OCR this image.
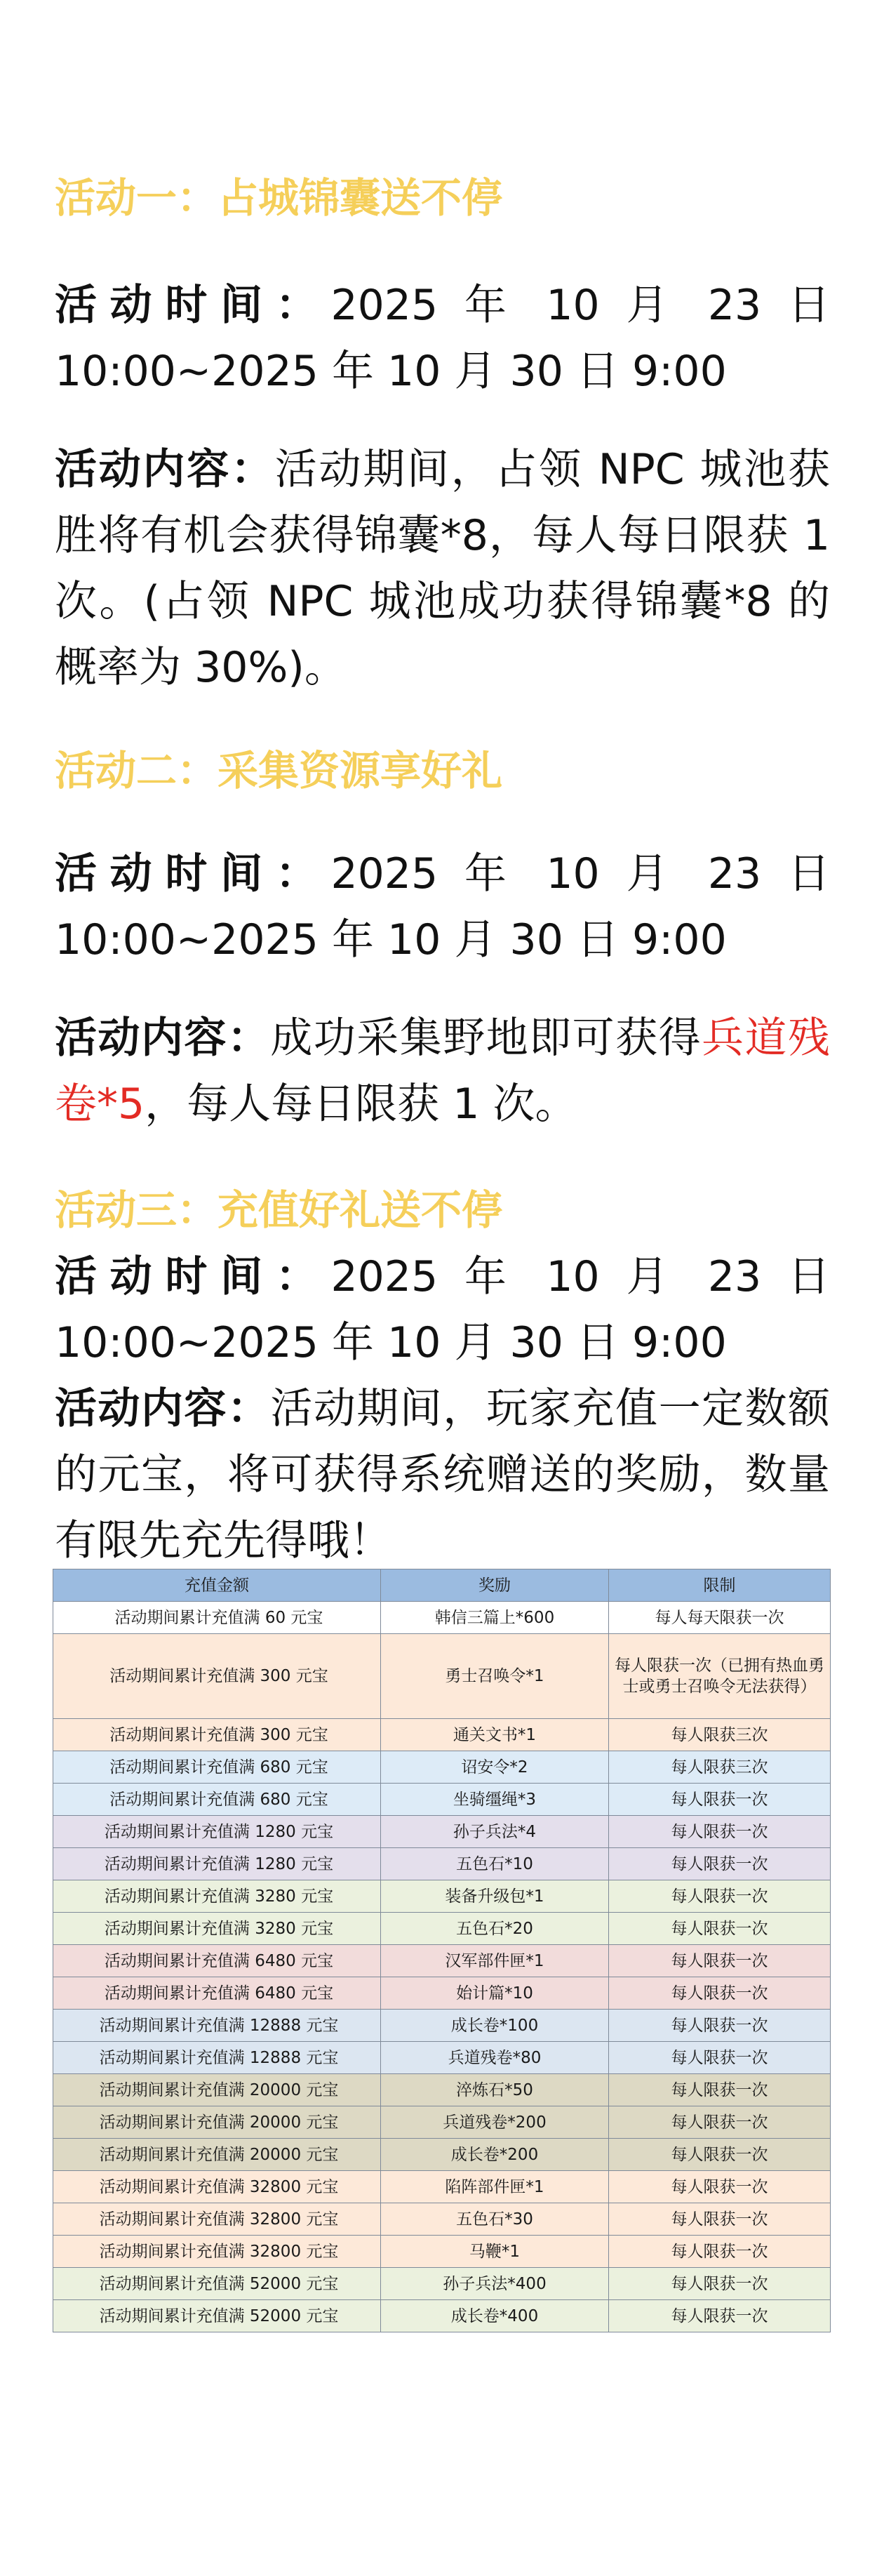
活动一：占城锦囊送不停

活动时间：2025 年 10 月 23 日

10:00~2025 年 10 月 30 日 9:00

活动内容：活动期间，占领 NPC 城池获胜将有机会获得锦囊*8，每人每日限获 1 次。(占领 NPC 城池成功获得锦囊*8 的概率为 30%)。

活动二：采集资源享好礼

活动时间：2025 年 10 月 23 日

10:00~2025 年 10 月 30 日 9:00

活动内容：成功采集野地即可获得兵道残卷*5，每人每日限获 1 次。

活动三：充值好礼送不停

活动时间：2025 年 10 月 23 日

10:00~2025 年 10 月 30 日 9:00

活动内容：活动期间，玩家充值一定数额的元宝，将可获得系统赠送的奖励，数量有限先充先得哦！

充值金额	奖励	限制
活动期间累计充值满 60 元宝	韩信三篇上*600	每人每天限获一次
活动期间累计充值满 300 元宝	勇士召唤令*1	每人限获一次（已拥有热血勇士或勇士召唤令无法获得）
活动期间累计充值满 300 元宝	通关文书*1	每人限获三次
活动期间累计充值满 680 元宝	诏安令*2	每人限获三次
活动期间累计充值满 680 元宝	坐骑缰绳*3	每人限获一次
活动期间累计充值满 1280 元宝	孙子兵法*4	每人限获一次
活动期间累计充值满 1280 元宝	五色石*10	每人限获一次
活动期间累计充值满 3280 元宝	装备升级包*1	每人限获一次
活动期间累计充值满 3280 元宝	五色石*20	每人限获一次
活动期间累计充值满 6480 元宝	汉军部件匣*1	每人限获一次
活动期间累计充值满 6480 元宝	始计篇*10	每人限获一次
活动期间累计充值满 12888 元宝	成长卷*100	每人限获一次
活动期间累计充值满 12888 元宝	兵道残卷*80	每人限获一次
活动期间累计充值满 20000 元宝	淬炼石*50	每人限获一次
活动期间累计充值满 20000 元宝	兵道残卷*200	每人限获一次
活动期间累计充值满 20000 元宝	成长卷*200	每人限获一次
活动期间累计充值满 32800 元宝	陷阵部件匣*1	每人限获一次
活动期间累计充值满 32800 元宝	五色石*30	每人限获一次
活动期间累计充值满 32800 元宝	马鞭*1	每人限获一次
活动期间累计充值满 52000 元宝	孙子兵法*400	每人限获一次
活动期间累计充值满 52000 元宝	成长卷*400	每人限获一次
